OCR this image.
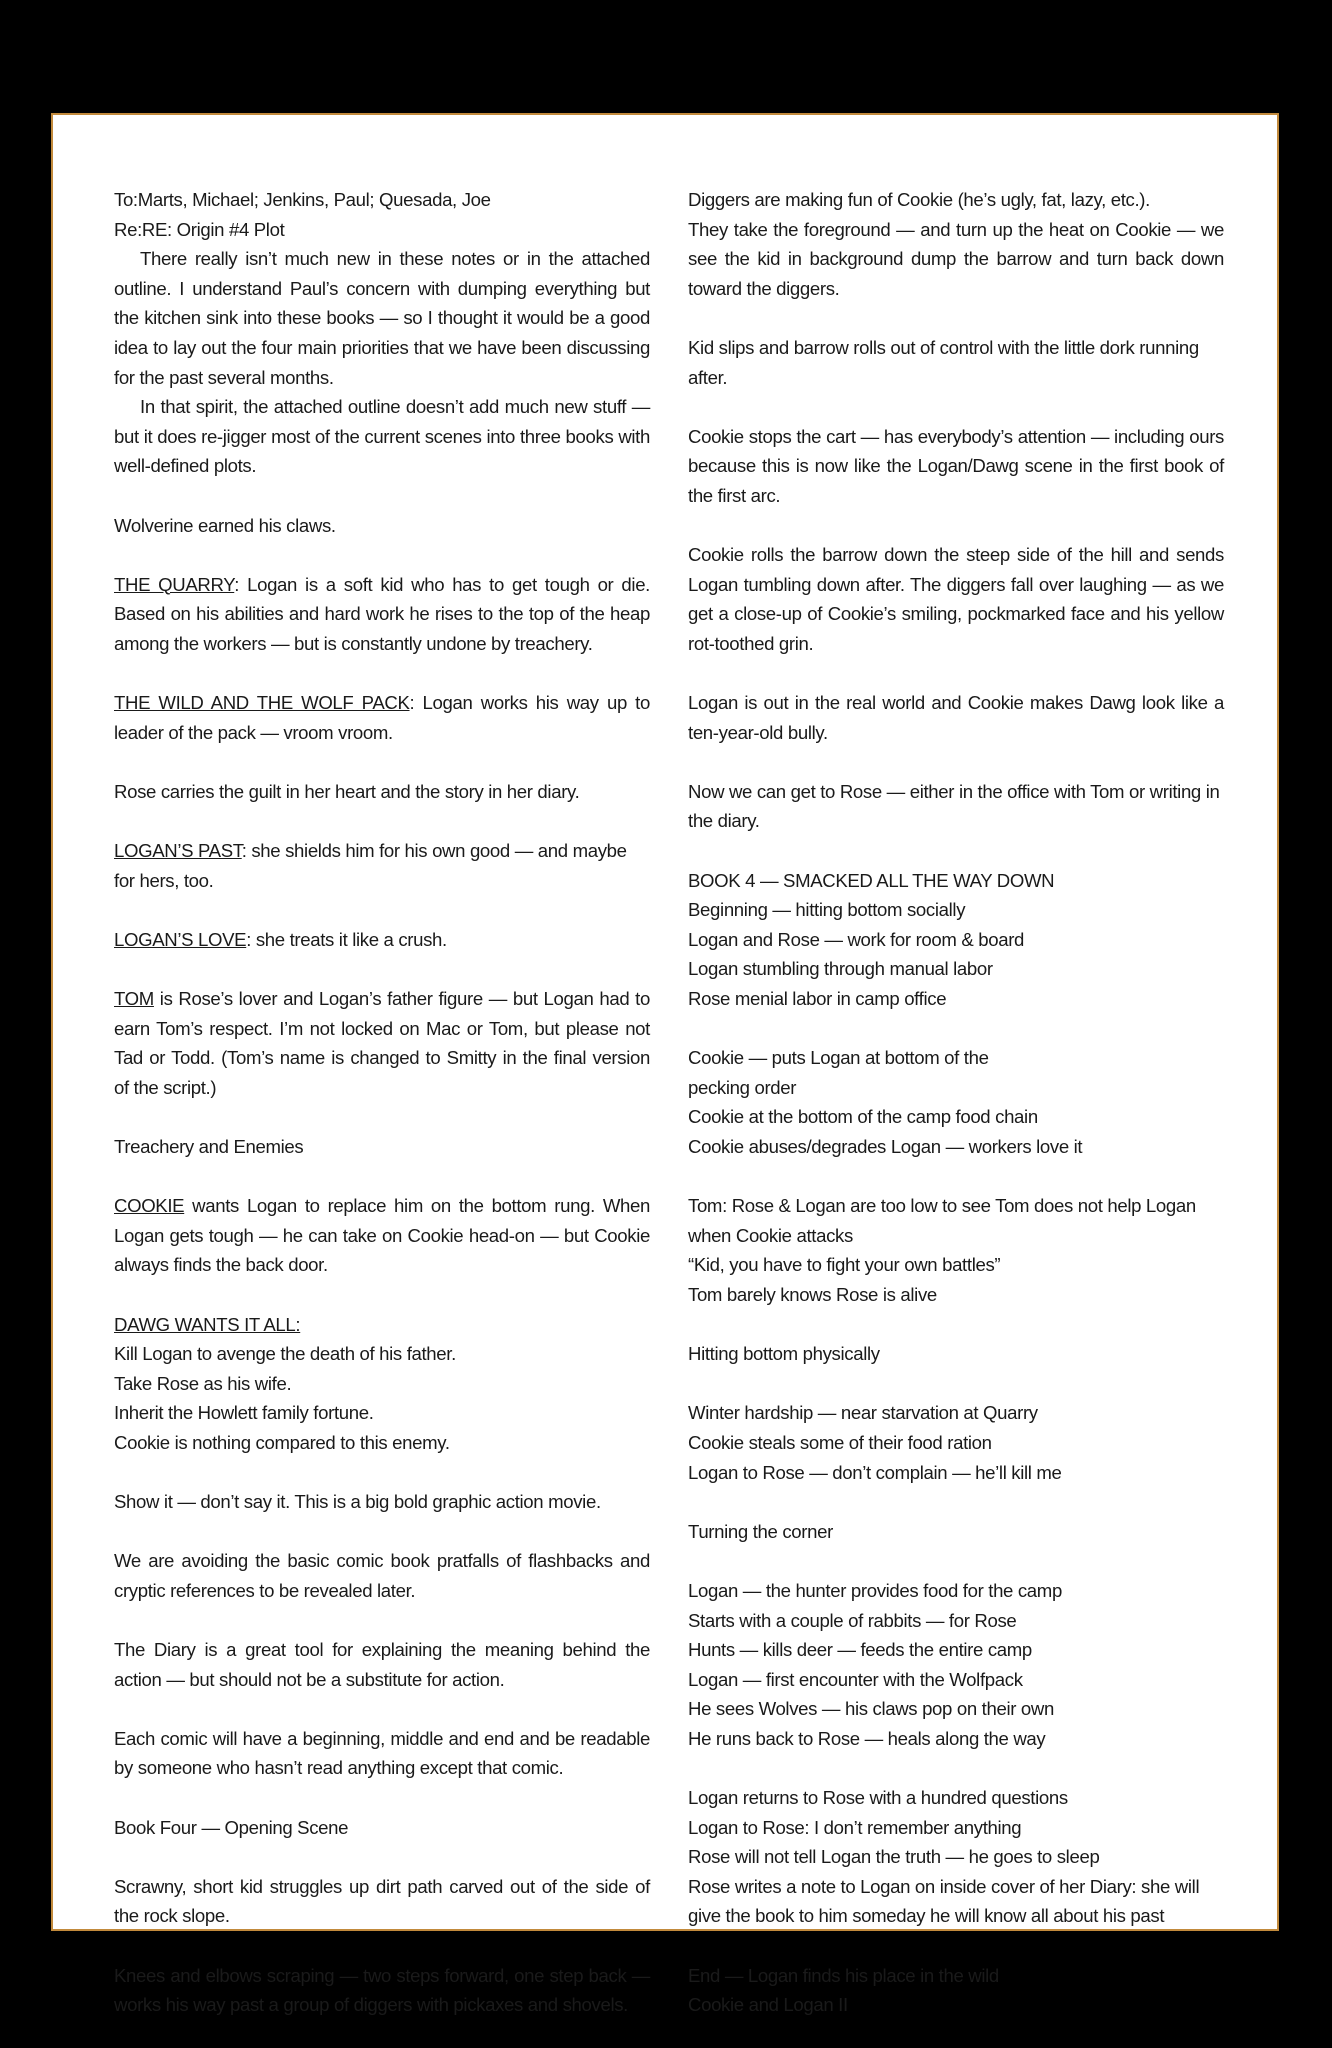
To:Marts, Michael; Jenkins, Paul; Quesada, Joe

Re:RE: Origin #4 Plot

There really isn’t much new in these notes or in the attached outline. I understand Paul’s concern with dumping everything but the kitchen sink into these books — so I thought it would be a good idea to lay out the four main priorities that we have been discussing for the past several months.

In that spirit, the attached outline doesn’t add much new stuff — but it does re-jigger most of the current scenes into three books with well-defined plots.

Wolverine earned his claws.

THE QUARRY: Logan is a soft kid who has to get tough or die. Based on his abilities and hard work he rises to the top of the heap among the workers — but is constantly undone by treachery.

THE WILD AND THE WOLF PACK: Logan works his way up to leader of the pack — vroom vroom.

Rose carries the guilt in her heart and the story in her diary.

LOGAN’S PAST: she shields him for his own good — and maybe for hers, too.

LOGAN’S LOVE: she treats it like a crush.

TOM is Rose’s lover and Logan’s father figure — but Logan had to earn Tom’s respect. I’m not locked on Mac or Tom, but please not Tad or Todd. (Tom’s name is changed to Smitty in the final version of the script.)

Treachery and Enemies

COOKIE wants Logan to replace him on the bottom rung. When Logan gets tough — he can take on Cookie head-on — but Cookie always finds the back door.

DAWG WANTS IT ALL:

Kill Logan to avenge the death of his father.

Take Rose as his wife.

Inherit the Howlett family fortune.

Cookie is nothing compared to this enemy.

Show it — don’t say it. This is a big bold graphic action movie.

We are avoiding the basic comic book pratfalls of flashbacks and cryptic references to be revealed later.

The Diary is a great tool for explaining the meaning behind the action — but should not be a substitute for action.

Each comic will have a beginning, middle and end and be readable by someone who hasn’t read anything except that comic.

Book Four — Opening Scene

Scrawny, short kid struggles up dirt path carved out of the side of the rock slope.

Knees and elbows scraping — two steps forward, one step back — works his way past a group of diggers with pickaxes and shovels.

Diggers are making fun of Cookie (he’s ugly, fat, lazy, etc.).

They take the foreground — and turn up the heat on Cookie — we see the kid in background dump the barrow and turn back down toward the diggers.

Kid slips and barrow rolls out of control with the little dork running after.

Cookie stops the cart — has everybody’s attention — including ours because this is now like the Logan/Dawg scene in the first book of the first arc.

Cookie rolls the barrow down the steep side of the hill and sends Logan tumbling down after. The diggers fall over laughing — as we get a close-up of Cookie’s smiling, pockmarked face and his yellow rot-toothed grin.

Logan is out in the real world and Cookie makes Dawg look like a ten-year-old bully.

Now we can get to Rose — either in the office with Tom or writing in the diary.

BOOK 4 — SMACKED ALL THE WAY DOWN

Beginning — hitting bottom socially

Logan and Rose — work for room & board

Logan stumbling through manual labor

Rose menial labor in camp office

Cookie — puts Logan at bottom of the

pecking order

Cookie at the bottom of the camp food chain

Cookie abuses/degrades Logan — workers love it

Tom: Rose & Logan are too low to see Tom does not help Logan when Cookie attacks

“Kid, you have to fight your own battles”

Tom barely knows Rose is alive

Hitting bottom physically

Winter hardship — near starvation at Quarry

Cookie steals some of their food ration

Logan to Rose — don’t complain — he’ll kill me

Turning the corner

Logan — the hunter provides food for the camp

Starts with a couple of rabbits — for Rose

Hunts — kills deer — feeds the entire camp

Logan — first encounter with the Wolfpack

He sees Wolves — his claws pop on their own

He runs back to Rose — heals along the way

Logan returns to Rose with a hundred questions

Logan to Rose: I don’t remember anything

Rose will not tell Logan the truth — he goes to sleep

Rose writes a note to Logan on inside cover of her Diary: she will give the book to him someday he will know all about his past

End — Logan finds his place in the wild

Cookie and Logan II
